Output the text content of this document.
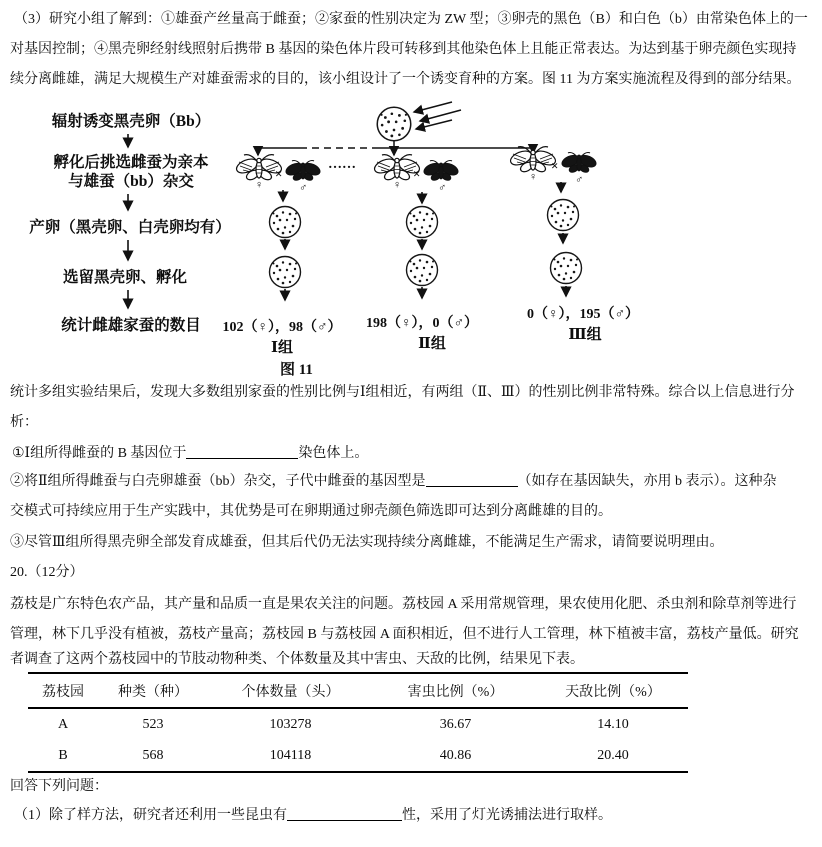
（3）研究小组了解到：①雄蚕产丝量高于雌蚕；②家蚕的性别决定为 ZW 型；③卵壳的黑色（B）和白色（b）由常染色体上的一
对基因控制；④黑壳卵经射线照射后携带 B 基因的染色体片段可转移到其他染色体上且能正常表达。为达到基于卵壳颜色实现持
续分离雌雄，满足大规模生产对雄蚕需求的目的，该小组设计了一个诱变育种的方案。图 11 为方案实施流程及得到的部分结果。
辐射诱变黑壳卵（Bb）
孵化后挑选雌蚕为亲本
与雄蚕（bb）杂交
产卵（黑壳卵、白壳卵均有）
选留黑壳卵、孵化
统计雌雄家蚕的数目
×	×
×
♀	♂	♀	♂
♀	♂
……
102（♀），98（♂）	198（♀），0（♂）
0（♀），195（♂）
Ⅰ组	Ⅱ组
Ⅲ组
图 11
统计多组实验结果后，发现大多数组别家蚕的性别比例与Ⅰ组相近，有两组（Ⅱ、Ⅲ）的性别比例非常特殊。综合以上信息进行分
析：
①Ⅰ组所得雌蚕的 B 基因位于	染色体上。
②将Ⅱ组所得雌蚕与白壳卵雄蚕（bb）杂交，子代中雌蚕的基因型是	（如存在基因缺失，亦用 b 表示）。这种杂
交模式可持续应用于生产实践中，其优势是可在卵期通过卵壳颜色筛选即可达到分离雌雄的目的。
③尽管Ⅲ组所得黑壳卵全部发育成雄蚕，但其后代仍无法实现持续分离雌雄，不能满足生产需求，请简要说明理由。
20.（12分）
荔枝是广东特色农产品，其产量和品质一直是果农关注的问题。荔枝园 A 采用常规管理，果农使用化肥、杀虫剂和除草剂等进行
管理，林下几乎没有植被，荔枝产量高；荔枝园 B 与荔枝园 A 面积相近，但不进行人工管理，林下植被丰富，荔枝产量低。研究
者调查了这两个荔枝园中的节肢动物种类、个体数量及其中害虫、天敌的比例，结果见下表。
荔枝园	种类（种）	个体数量（头）	害虫比例（%）	天敌比例（%）
A	523	103278	36.67	14.10
B	568	104118	40.86	20.40
回答下列问题：
（1）除了样方法，研究者还利用一些昆虫有	性，采用了灯光诱捕法进行取样。
